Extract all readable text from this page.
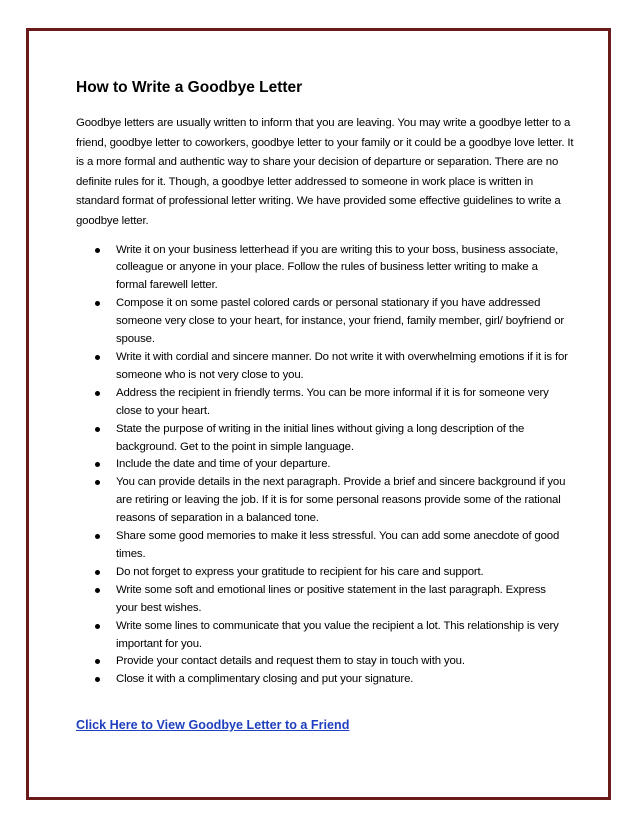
How to Write a Goodbye Letter

Goodbye letters are usually written to inform that you are leaving. You may write a goodbye letter to a friend, goodbye letter to coworkers, goodbye letter to your family or it could be a goodbye love letter. It is a more formal and authentic way to share your decision of departure or separation. There are no definite rules for it. Though, a goodbye letter addressed to someone in work place is written in standard format of professional letter writing. We have provided some effective guidelines to write a goodbye letter.

Write it on your business letterhead if you are writing this to your boss, business associate, colleague or anyone in your place. Follow the rules of business letter writing to make a formal farewell letter.
Compose it on some pastel colored cards or personal stationary if you have addressed someone very close to your heart, for instance, your friend, family member, girl/ boyfriend or spouse.
Write it with cordial and sincere manner. Do not write it with overwhelming emotions if it is for someone who is not very close to you.
Address the recipient in friendly terms. You can be more informal if it is for someone very close to your heart.
State the purpose of writing in the initial lines without giving a long description of the background. Get to the point in simple language.
Include the date and time of your departure.
You can provide details in the next paragraph. Provide a brief and sincere background if you are retiring or leaving the job. If it is for some personal reasons provide some of the rational reasons of separation in a balanced tone.
Share some good memories to make it less stressful. You can add some anecdote of good times.
Do not forget to express your gratitude to recipient for his care and support.
Write some soft and emotional lines or positive statement in the last paragraph. Express your best wishes.
Write some lines to communicate that you value the recipient a lot. This relationship is very important for you.
Provide your contact details and request them to stay in touch with you.
Close it with a complimentary closing and put your signature.
Click Here to View Goodbye Letter to a Friend
